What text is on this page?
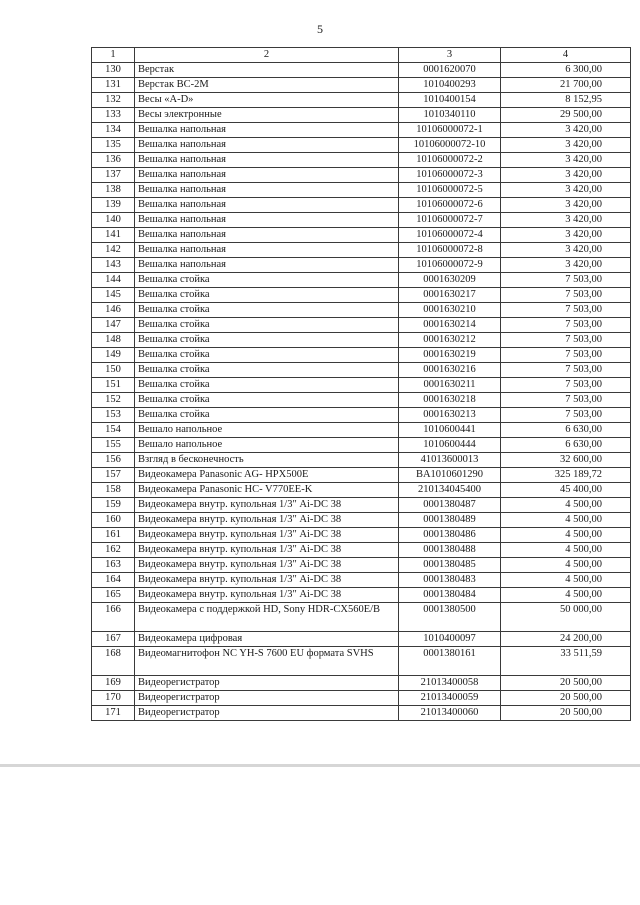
5
1	2	3	4
130	Верстак	0001620070	6 300,00
131	Верстак ВС-2М	1010400293	21 700,00
132	Весы «A-D»	1010400154	8 152,95
133	Весы электронные	1010340110	29 500,00
134	Вешалка напольная	10106000072-1	3 420,00
135	Вешалка напольная	10106000072-10	3 420,00
136	Вешалка напольная	10106000072-2	3 420,00
137	Вешалка напольная	10106000072-3	3 420,00
138	Вешалка напольная	10106000072-5	3 420,00
139	Вешалка напольная	10106000072-6	3 420,00
140	Вешалка напольная	10106000072-7	3 420,00
141	Вешалка напольная	10106000072-4	3 420,00
142	Вешалка напольная	10106000072-8	3 420,00
143	Вешалка напольная	10106000072-9	3 420,00
144	Вешалка стойка	0001630209	7 503,00
145	Вешалка стойка	0001630217	7 503,00
146	Вешалка стойка	0001630210	7 503,00
147	Вешалка стойка	0001630214	7 503,00
148	Вешалка стойка	0001630212	7 503,00
149	Вешалка стойка	0001630219	7 503,00
150	Вешалка стойка	0001630216	7 503,00
151	Вешалка стойка	0001630211	7 503,00
152	Вешалка стойка	0001630218	7 503,00
153	Вешалка стойка	0001630213	7 503,00
154	Вешало напольное	1010600441	6 630,00
155	Вешало напольное	1010600444	6 630,00
156	Взгляд в бесконечность	41013600013	32 600,00
157	Видеокамера Panasonic AG- HPX500E	BA1010601290	325 189,72
158	Видеокамера Panasonic HC- V770EE-K	210134045400	45 400,00
159	Видеокамера внутр. купольная 1/3" Ai-DC 38	0001380487	4 500,00
160	Видеокамера внутр. купольная 1/3" Ai-DC 38	0001380489	4 500,00
161	Видеокамера внутр. купольная 1/3" Ai-DC 38	0001380486	4 500,00
162	Видеокамера внутр. купольная 1/3" Ai-DC 38	0001380488	4 500,00
163	Видеокамера внутр. купольная 1/3" Ai-DC 38	0001380485	4 500,00
164	Видеокамера внутр. купольная 1/3" Ai-DC 38	0001380483	4 500,00
165	Видеокамера внутр. купольная 1/3" Ai-DC 38	0001380484	4 500,00
166	Видеокамера с поддержкой HD, Sony HDR-CX560E/B	0001380500	50 000,00
167	Видеокамера цифровая	1010400097	24 200,00
168	Видеомагнитофон NC YH-S 7600 EU формата SVHS	0001380161	33 511,59
169	Видеорегистратор	21013400058	20 500,00
170	Видеорегистратор	21013400059	20 500,00
171	Видеорегистратор	21013400060	20 500,00
